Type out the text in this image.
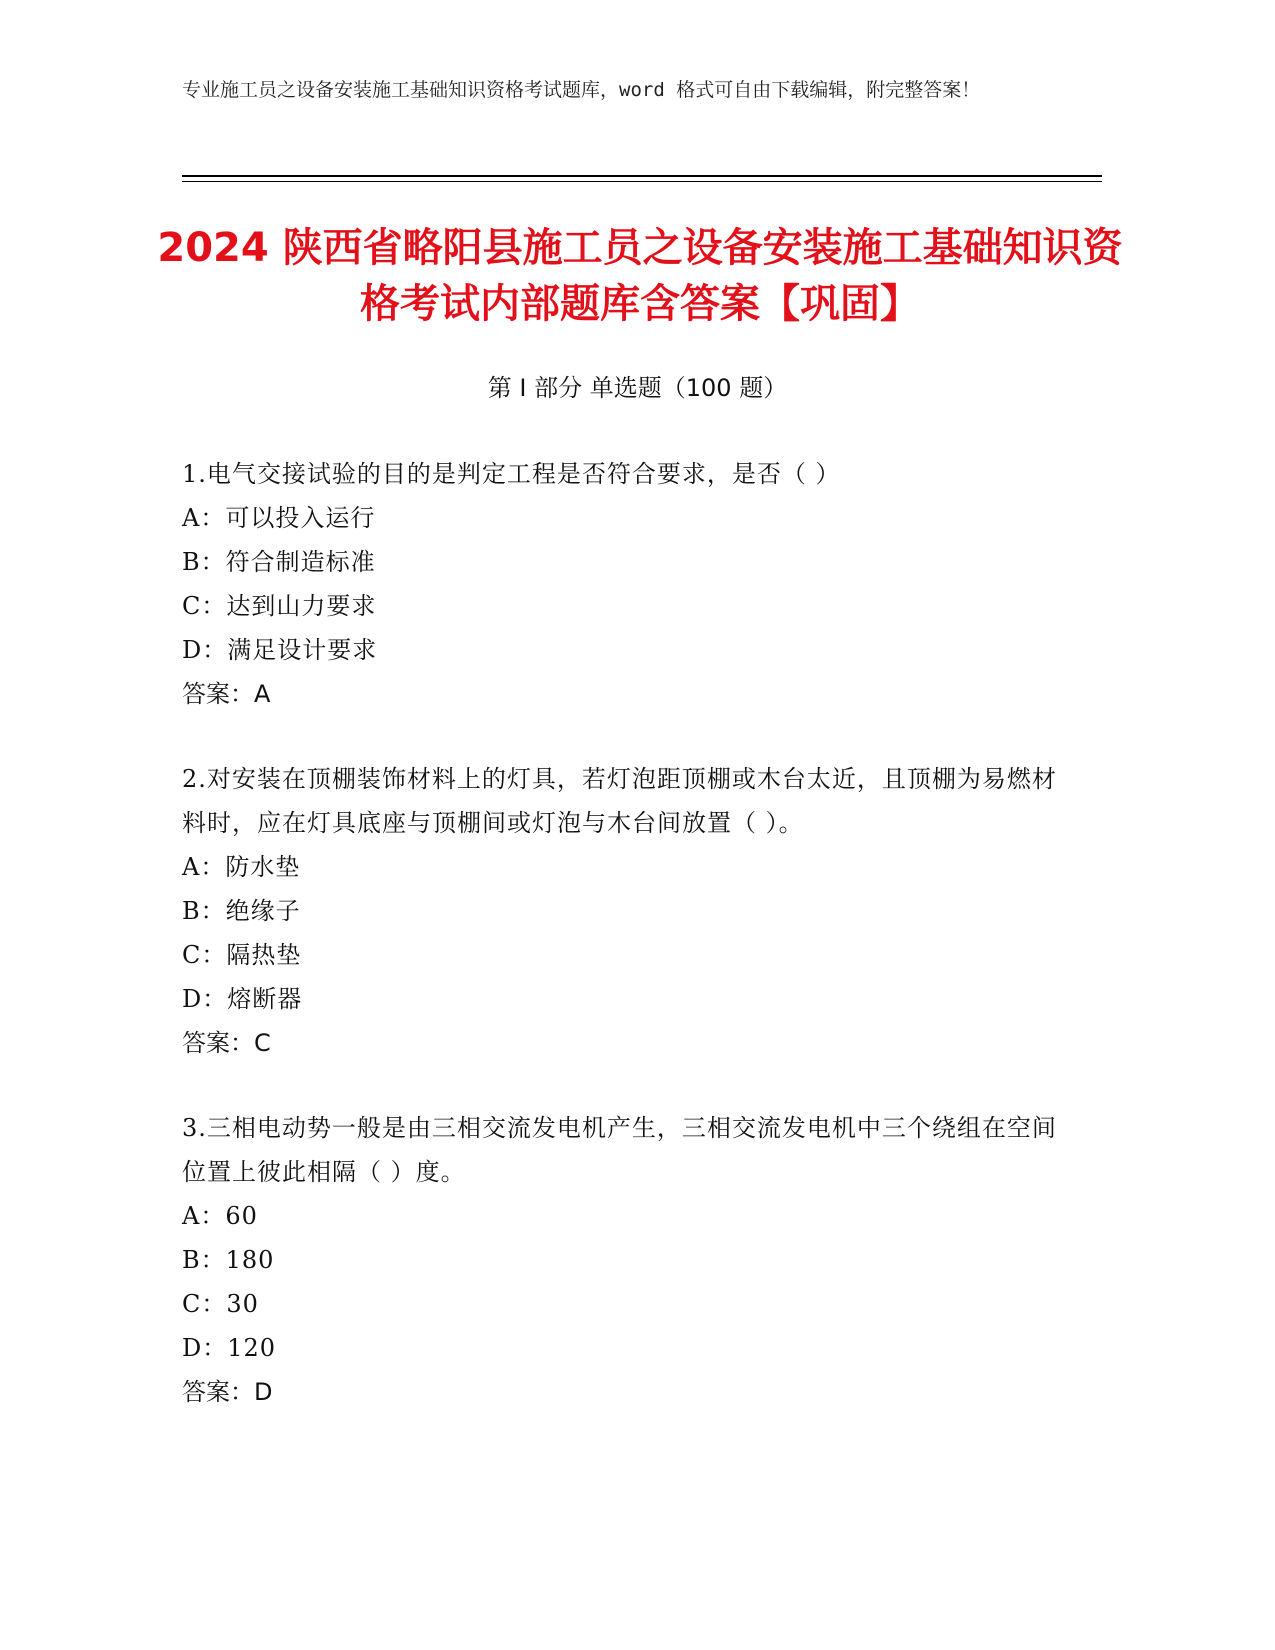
专业施工员之设备安装施工基础知识资格考试题库，word 格式可自由下载编辑，附完整答案！
2024 陕西省略阳县施工员之设备安装施工基础知识资格考试内部题库含答案【巩固】
第 I 部分 单选题（100 题）
1.电气交接试验的目的是判定工程是否符合要求，是否（ ）
A：可以投入运行
B：符合制造标准
C：达到山力要求
D：满足设计要求
答案：A
2.对安装在顶棚装饰材料上的灯具，若灯泡距顶棚或木台太近，且顶棚为易燃材料时，应在灯具底座与顶棚间或灯泡与木台间放置（ ）。
A：防水垫
B：绝缘子
C：隔热垫
D：熔断器
答案：C
3.三相电动势一般是由三相交流发电机产生，三相交流发电机中三个绕组在空间位置上彼此相隔（ ）度。
A：60
B：180
C：30
D：120
答案：D
